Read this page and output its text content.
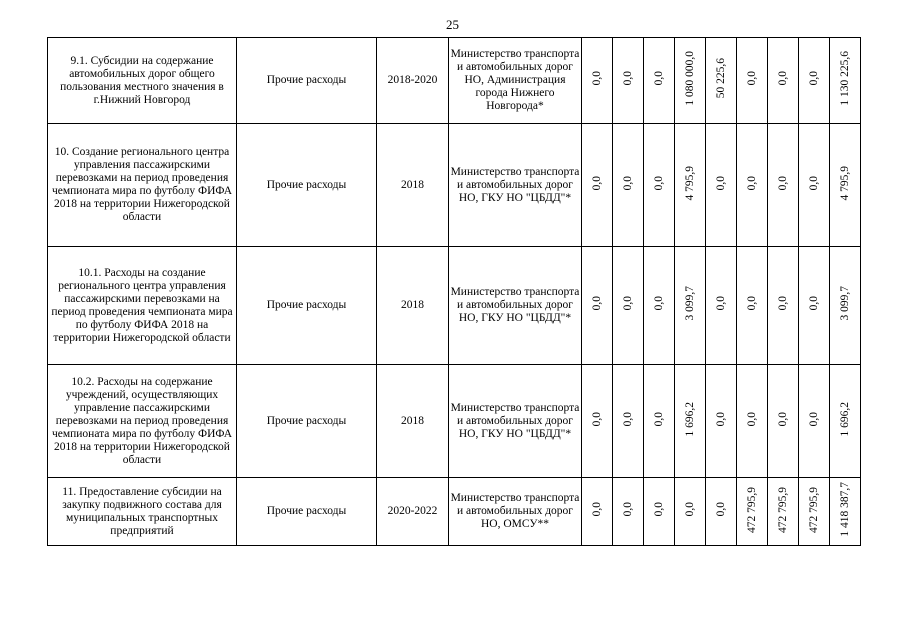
25
9.1. Субсидии на содержание автомобильных дорог общего пользования местного значения в г.Нижний Новгород	Прочие расходы	2018-2020	Министерство транспорта и автомобильных дорог НО, Администрация города Нижнего Новгорода*	0,0	0,0	0,0	1 080 000,0	50 225,6	0,0	0,0	0,0	1 130 225,6
10. Создание регионального центра управления пассажирскими перевозками на период проведения чемпионата мира по футболу ФИФА 2018 на территории Нижегородской области	Прочие расходы	2018	Министерство транспорта и автомобильных дорог НО, ГКУ НО "ЦБДД"*	0,0	0,0	0,0	4 795,9	0,0	0,0	0,0	0,0	4 795,9
10.1. Расходы на создание регионального центра управления пассажирскими перевозками на период проведения чемпионата мира по футболу ФИФА 2018 на территории Нижегородской области	Прочие расходы	2018	Министерство транспорта и автомобильных дорог НО, ГКУ НО "ЦБДД"*	0,0	0,0	0,0	3 099,7	0,0	0,0	0,0	0,0	3 099,7
10.2. Расходы на содержание учреждений, осуществляющих управление пассажирскими перевозками на период проведения чемпионата мира по футболу ФИФА 2018 на территории Нижегородской области	Прочие расходы	2018	Министерство транспорта и автомобильных дорог НО, ГКУ НО "ЦБДД"*	0,0	0,0	0,0	1 696,2	0,0	0,0	0,0	0,0	1 696,2
11. Предоставление субсидии на закупку подвижного состава для муниципальных транспортных предприятий	Прочие расходы	2020-2022	Министерство транспорта и автомобильных дорог НО, ОМСУ**	0,0	0,0	0,0	0,0	0,0	472 795,9	472 795,9	472 795,9	1 418 387,7
